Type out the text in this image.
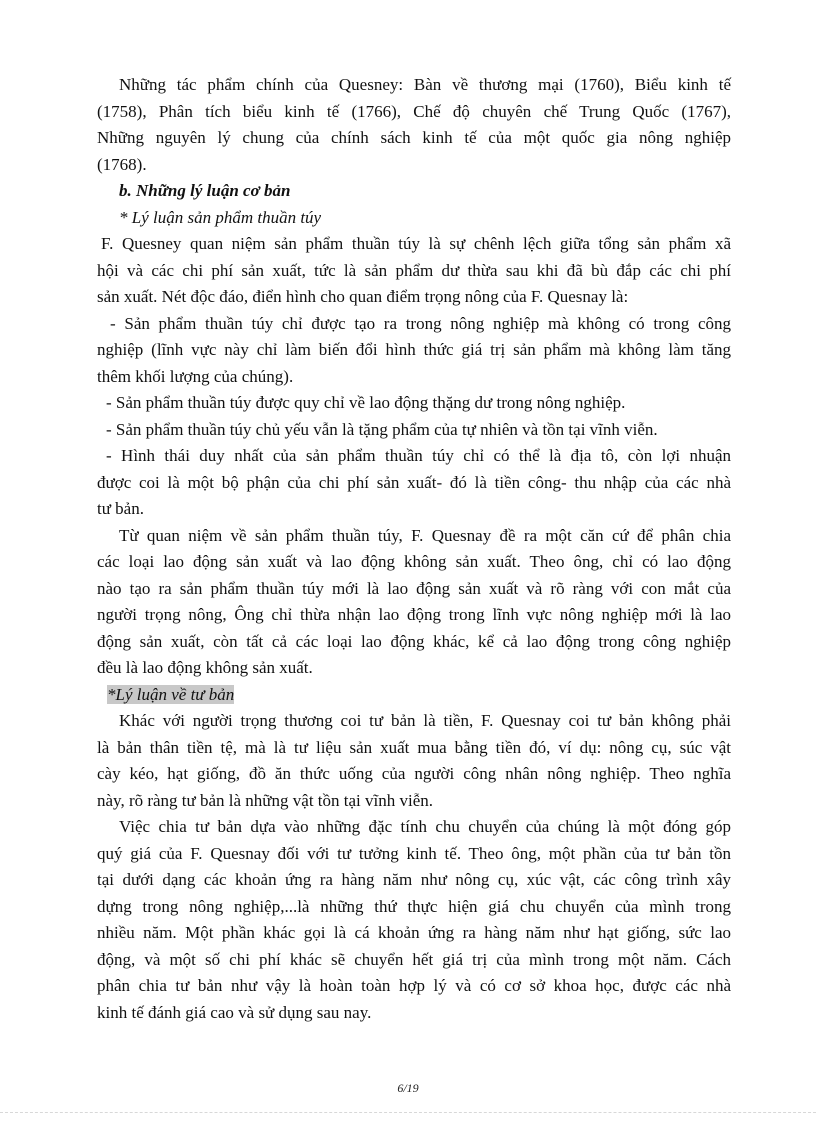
Những tác phẩm chính của Quesney: Bàn về thương mại (1760), Biểu kinh tế
(1758), Phân tích biểu kinh tế (1766), Chế độ chuyên chế Trung Quốc (1767),
Những nguyên lý chung của chính sách kinh tế của một quốc gia nông nghiệp
(1768).
b. Những lý luận cơ bản
* Lý luận sản phẩm thuần túy
F. Quesney quan niệm sản phẩm thuần túy là sự chênh lệch giữa tổng sản phẩm xã
hội và các chi phí sản xuất, tức là sản phẩm dư thừa sau khi đã bù đắp các chi phí
sản xuất. Nét độc đáo, điển hình cho quan điểm trọng nông của F. Quesnay là:
- Sản phẩm thuần túy chỉ được tạo ra trong nông nghiệp mà không có trong công
nghiệp (lĩnh vực này chỉ làm biến đổi hình thức giá trị sản phẩm mà không làm tăng
thêm khối lượng của chúng).
- Sản phẩm thuần túy được quy chỉ về lao động thặng dư trong nông nghiệp.
- Sản phẩm thuần túy chủ yếu vẫn là tặng phẩm của tự nhiên và tồn tại vĩnh viễn.
- Hình thái duy nhất của sản phẩm thuần túy chỉ có thể là địa tô, còn lợi nhuận
được coi là một bộ phận của chi phí sản xuất- đó là tiền công- thu nhập của các nhà
tư bản.
Từ quan niệm về sản phẩm thuần túy, F. Quesnay đề ra một căn cứ để phân chia
các loại lao động sản xuất và lao động không sản xuất. Theo ông, chỉ có lao động
nào tạo ra sản phẩm thuần túy mới là lao động sản xuất và rõ ràng với con mắt của
người trọng nông, Ông chỉ thừa nhận lao động trong lĩnh vực nông nghiệp mới là lao
động sản xuất, còn tất cả các loại lao động khác, kể cả lao động trong công nghiệp
đều là lao động không sản xuất.
*Lý luận về tư bản
Khác với người trọng thương coi tư bản là tiền, F. Quesnay coi tư bản không phải
là bản thân tiền tệ, mà là tư liệu sản xuất mua bằng tiền đó, ví dụ: nông cụ, súc vật
cày kéo, hạt giống, đồ ăn thức uống của người công nhân nông nghiệp. Theo nghĩa
này, rõ ràng tư bản là những vật tồn tại vĩnh viễn.
Việc chia tư bản dựa vào những đặc tính chu chuyển của chúng là một đóng góp
quý giá của F. Quesnay đối với tư tưởng kinh tế. Theo ông, một phần của tư bản tồn
tại dưới dạng các khoản ứng ra hàng năm như nông cụ, xúc vật, các công trình xây
dựng trong nông nghiệp,...là những thứ thực hiện giá chu chuyển của mình trong
nhiều năm. Một phần khác gọi là cá khoản ứng ra hàng năm như hạt giống, sức lao
động, và một số chi phí khác sẽ chuyển hết giá trị của mình trong một năm. Cách
phân chia tư bản như vậy là hoàn toàn hợp lý và có cơ sở khoa học, được các nhà
kinh tế đánh giá cao và sử dụng sau nay.
6/19
